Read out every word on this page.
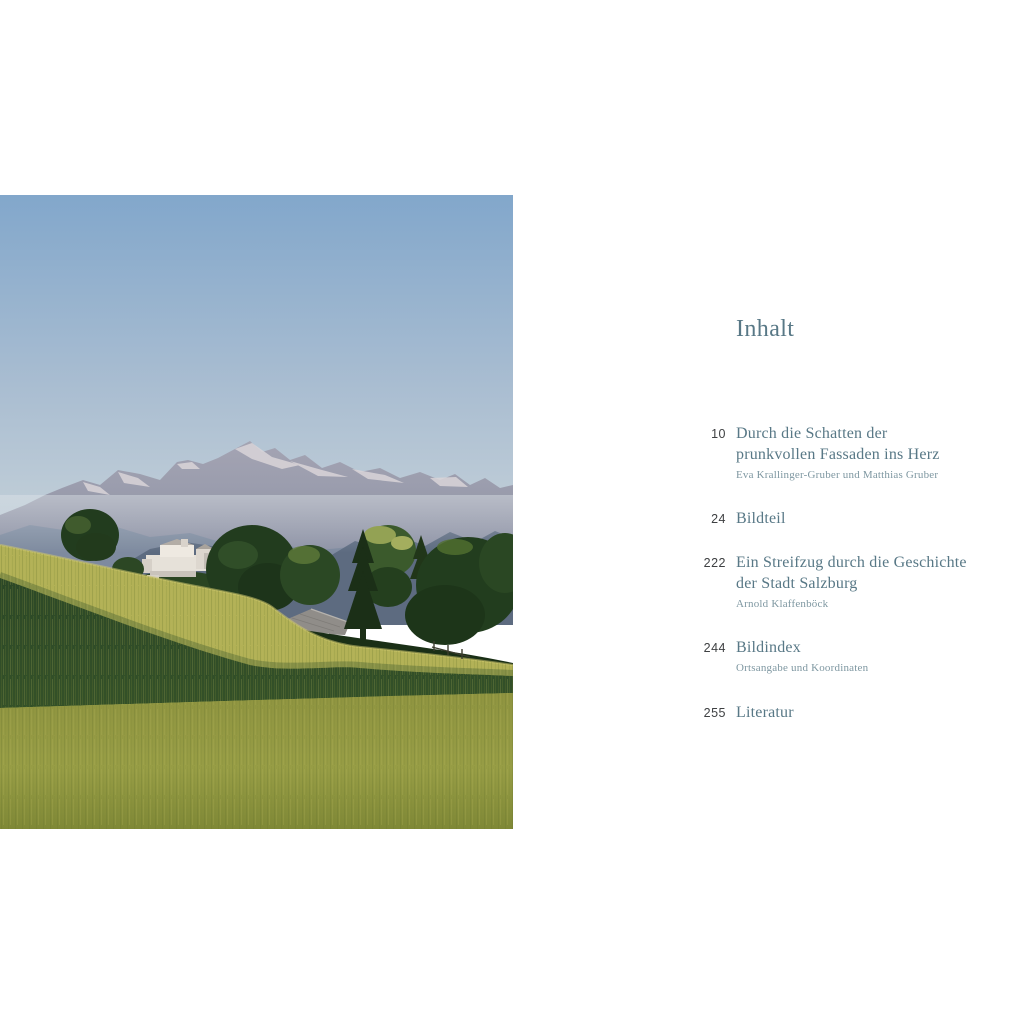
Inhalt
10 Durch die Schatten der
prunkvollen Fassaden ins Herz
Eva Krallinger-Gruber und Matthias Gruber
24 Bildteil
222 Ein Streifzug durch die Geschichte
der Stadt Salzburg
Arnold Klaffenböck
244 Bildindex
Ortsangabe und Koordinaten
255 Literatur
